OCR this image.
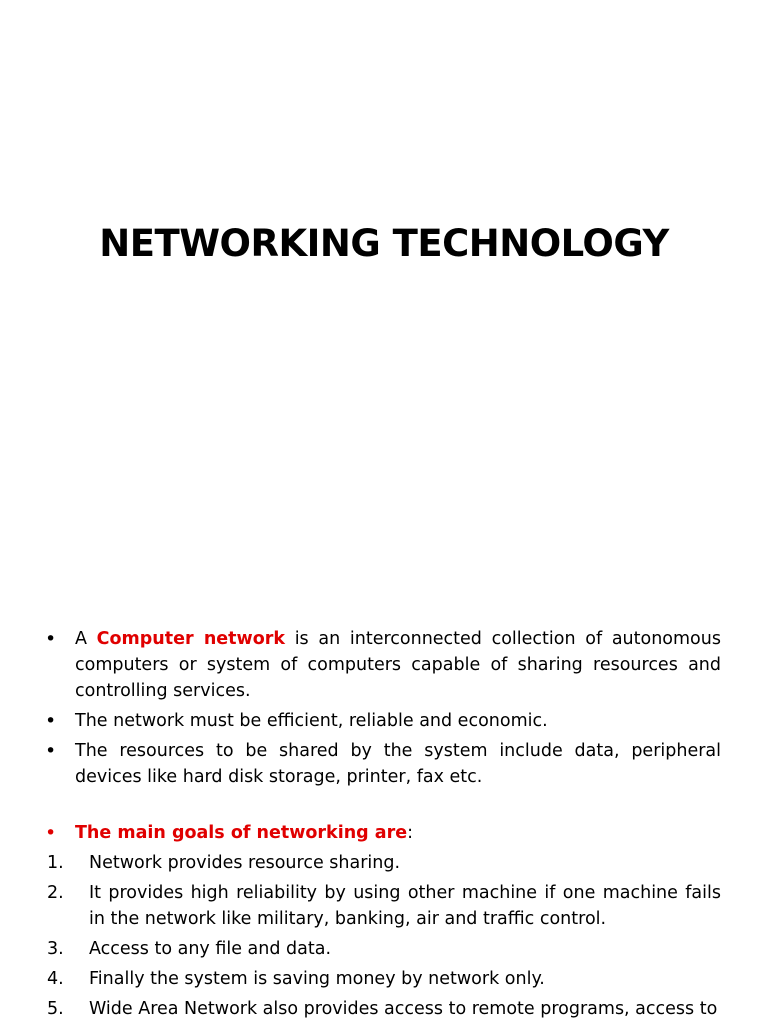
NETWORKING TECHNOLOGY
• A Computer network is an interconnected collection of autonomous computers or system of computers capable of sharing resources and controlling services.
• The network must be efficient, reliable and economic.
• The resources to be shared by the system include data, peripheral devices like hard disk storage, printer, fax etc.
• The main goals of networking are:
1. Network provides resource sharing.
2. It provides high reliability by using other machine if one machine fails in the network like military, banking, air and traffic control.
3. Access to any file and data.
4. Finally the system is saving money by network only.
5. Wide Area Network also provides access to remote programs, access to
